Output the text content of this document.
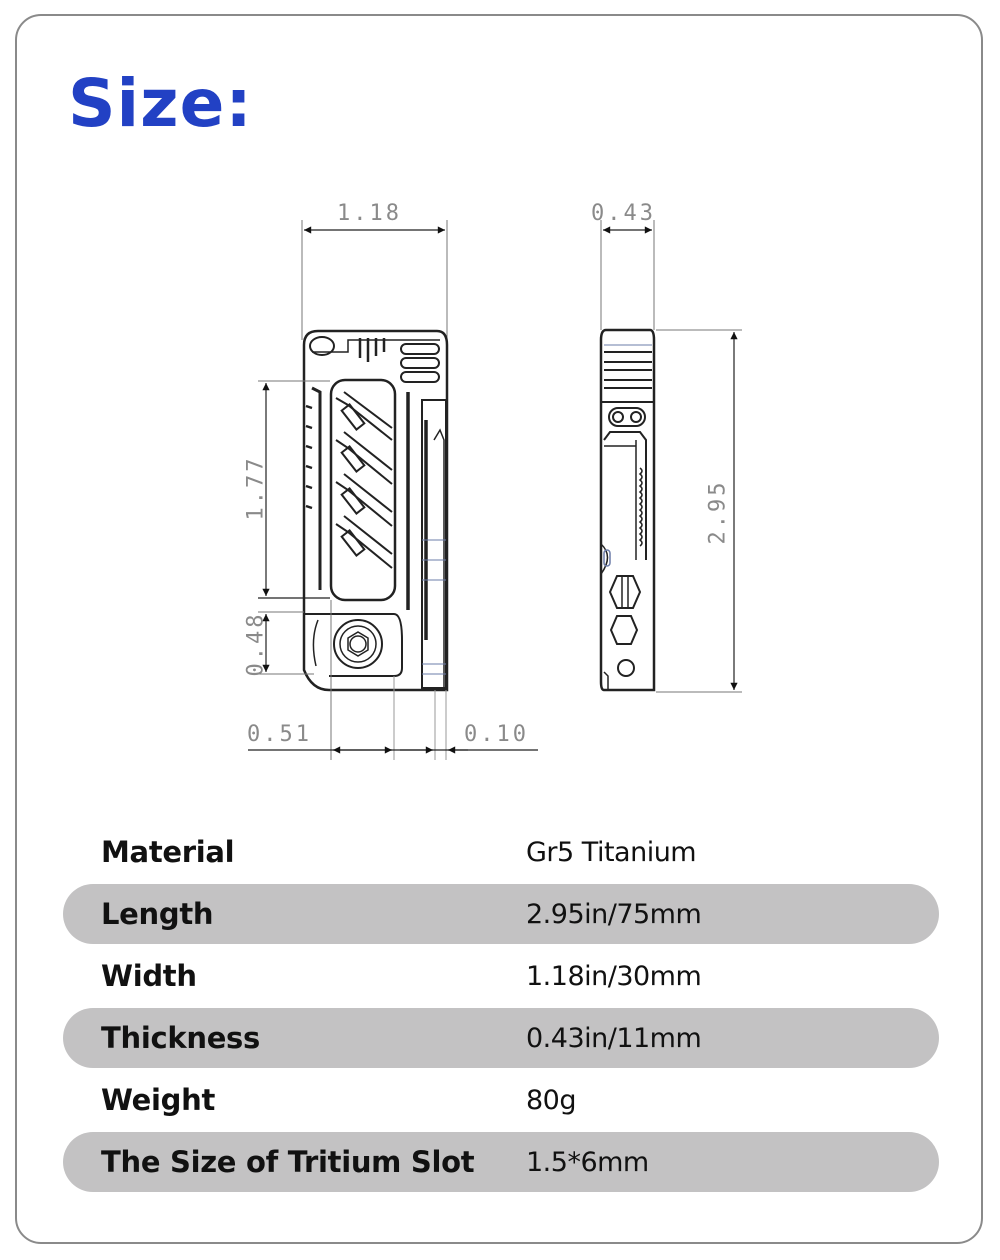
Size:
1.18	0.43
1.77
0.48
0.51	0.10
2.95
Material	Gr5 Titanium
Length	2.95in/75mm
Width	1.18in/30mm
Thickness	0.43in/11mm
Weight	80g
The Size of Tritium Slot 1.5*6mm
